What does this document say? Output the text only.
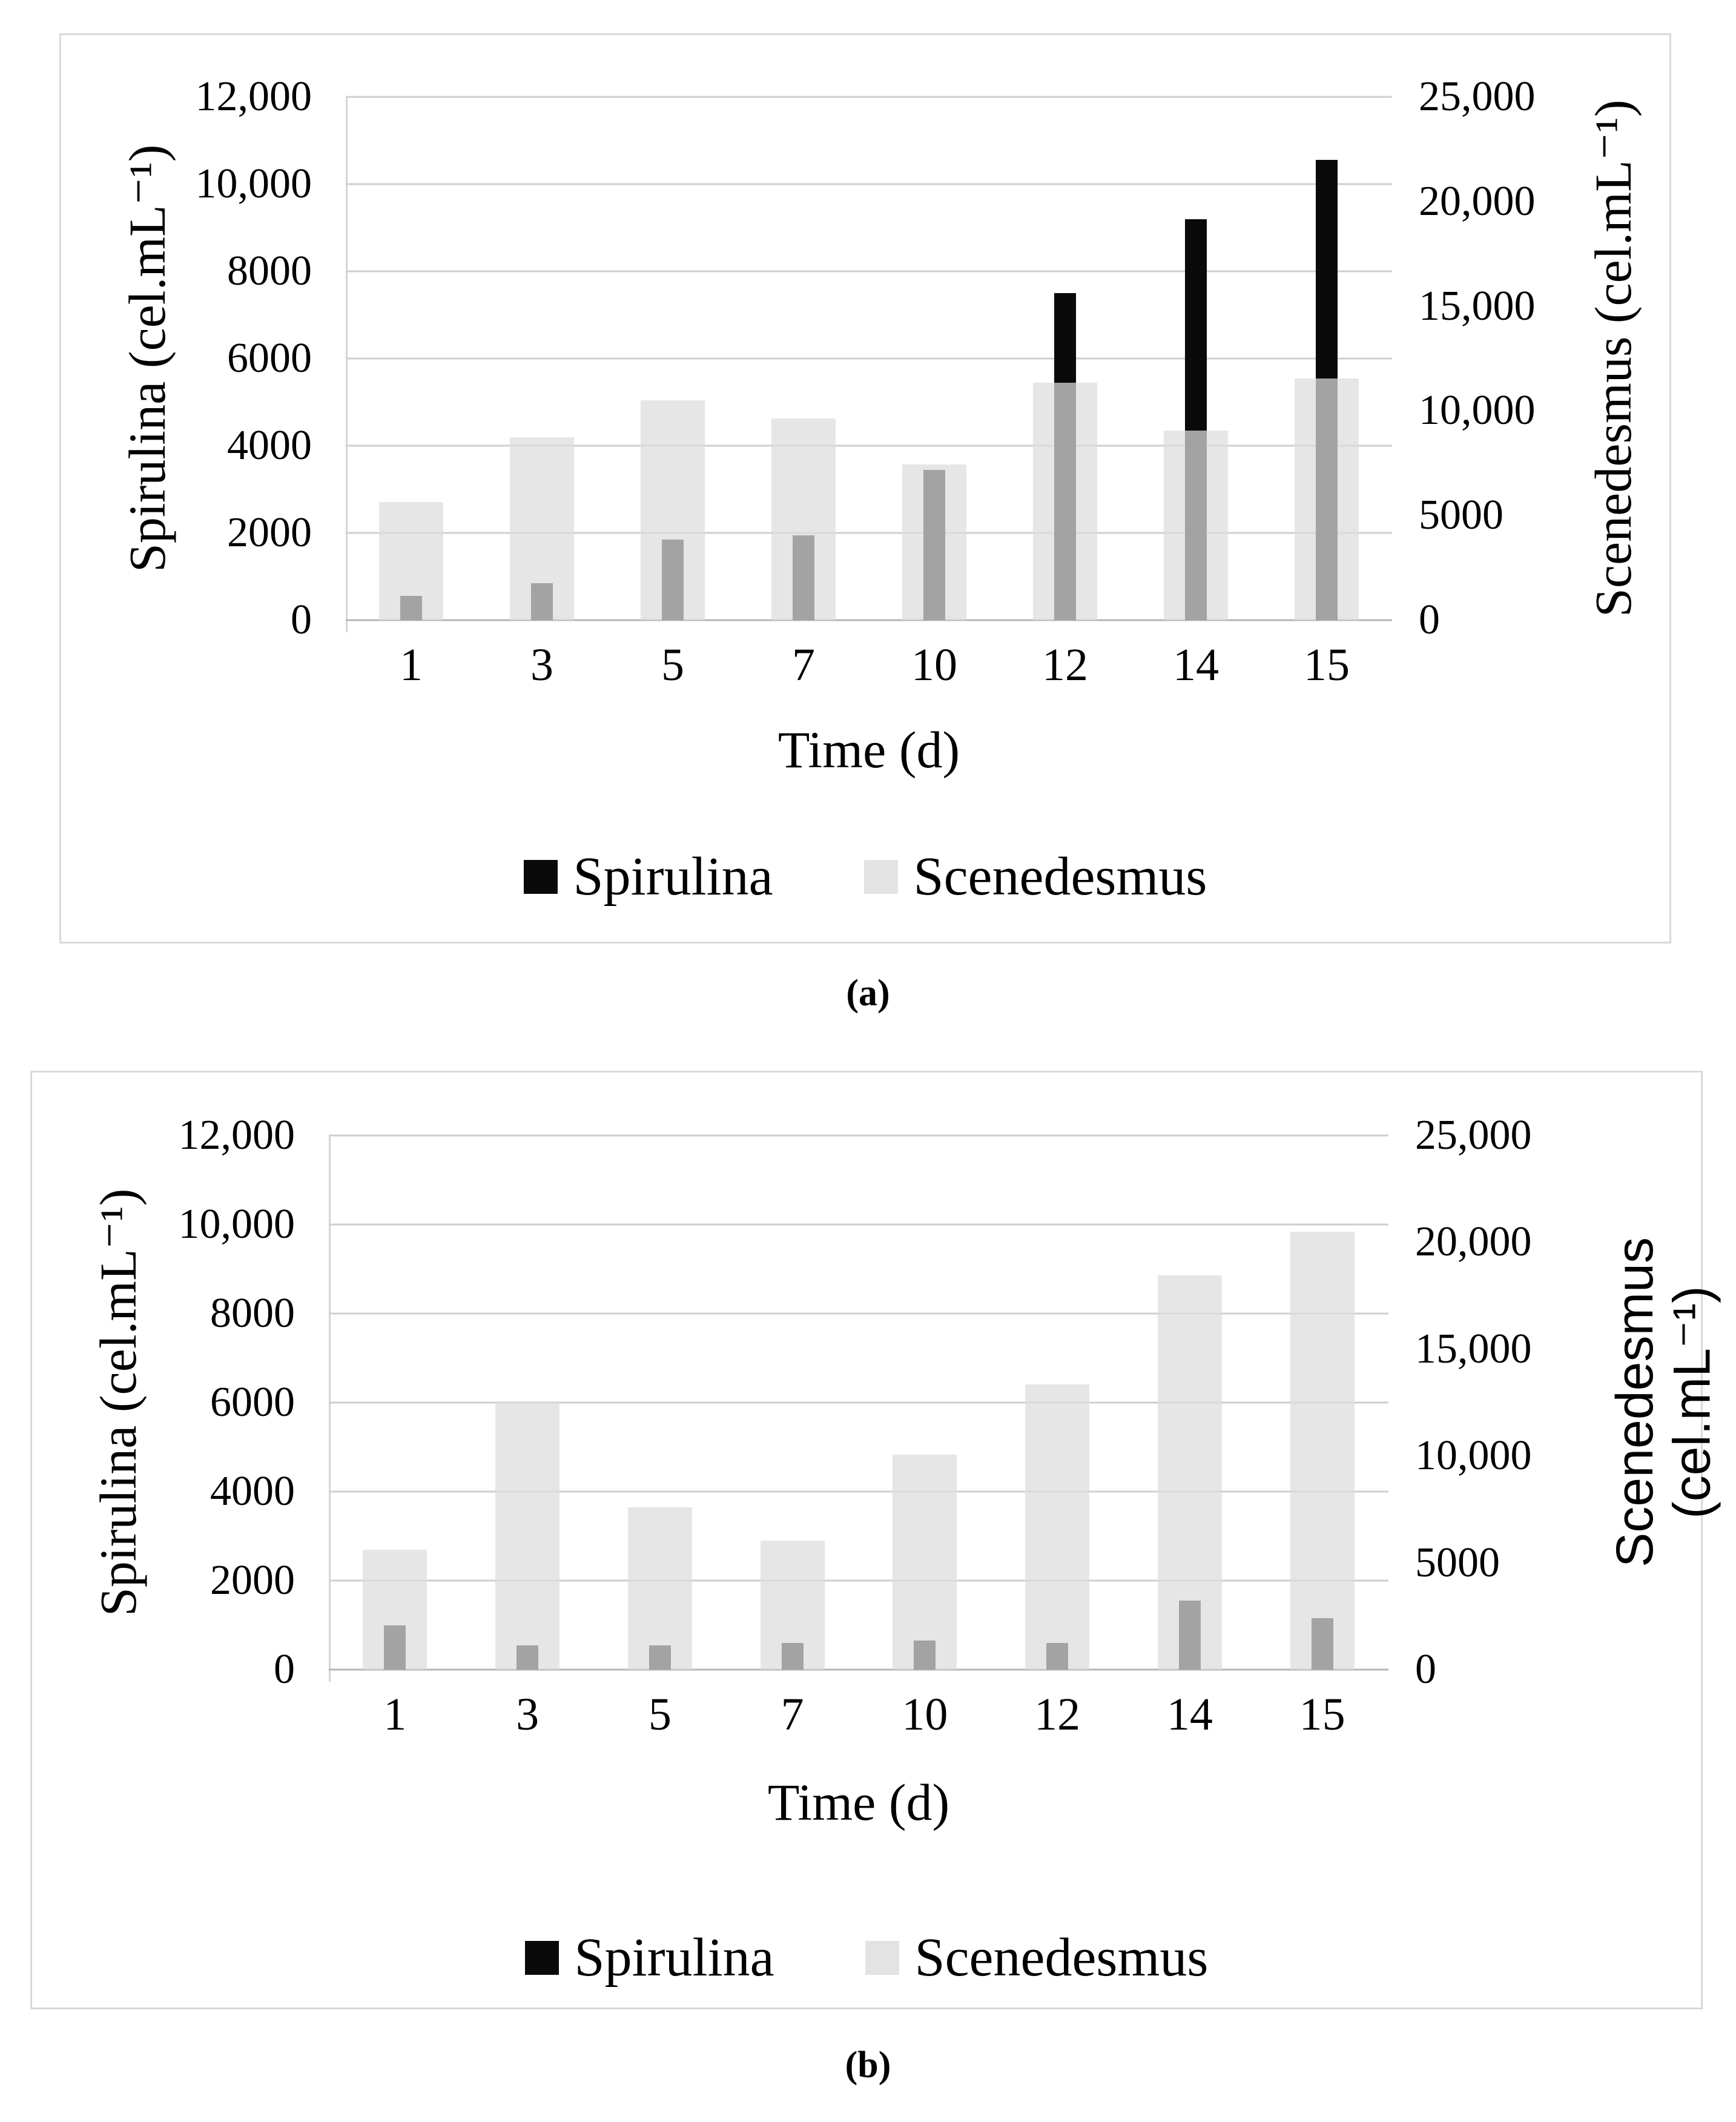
Spirulina (cel.mL⁻¹)	Scenedesmus (cel.mL⁻¹)
12,000
10,000
8000
6000
4000
2000
0
25,000
20,000
15,000
10,000
5000
0
1	3	5	7	10	12	14	15
Time (d)
Spirulina	Scenedesmus
(a)
Spirulina (cel.mL⁻¹)	Scenedesmus (cel.mL⁻¹)
12,000
10,000
8000
6000
4000
2000
0
25,000
20,000
15,000
10,000
5000
0
1	3	5	7	10	12	14	15
Time (d)
Spirulina	Scenedesmus
(b)
